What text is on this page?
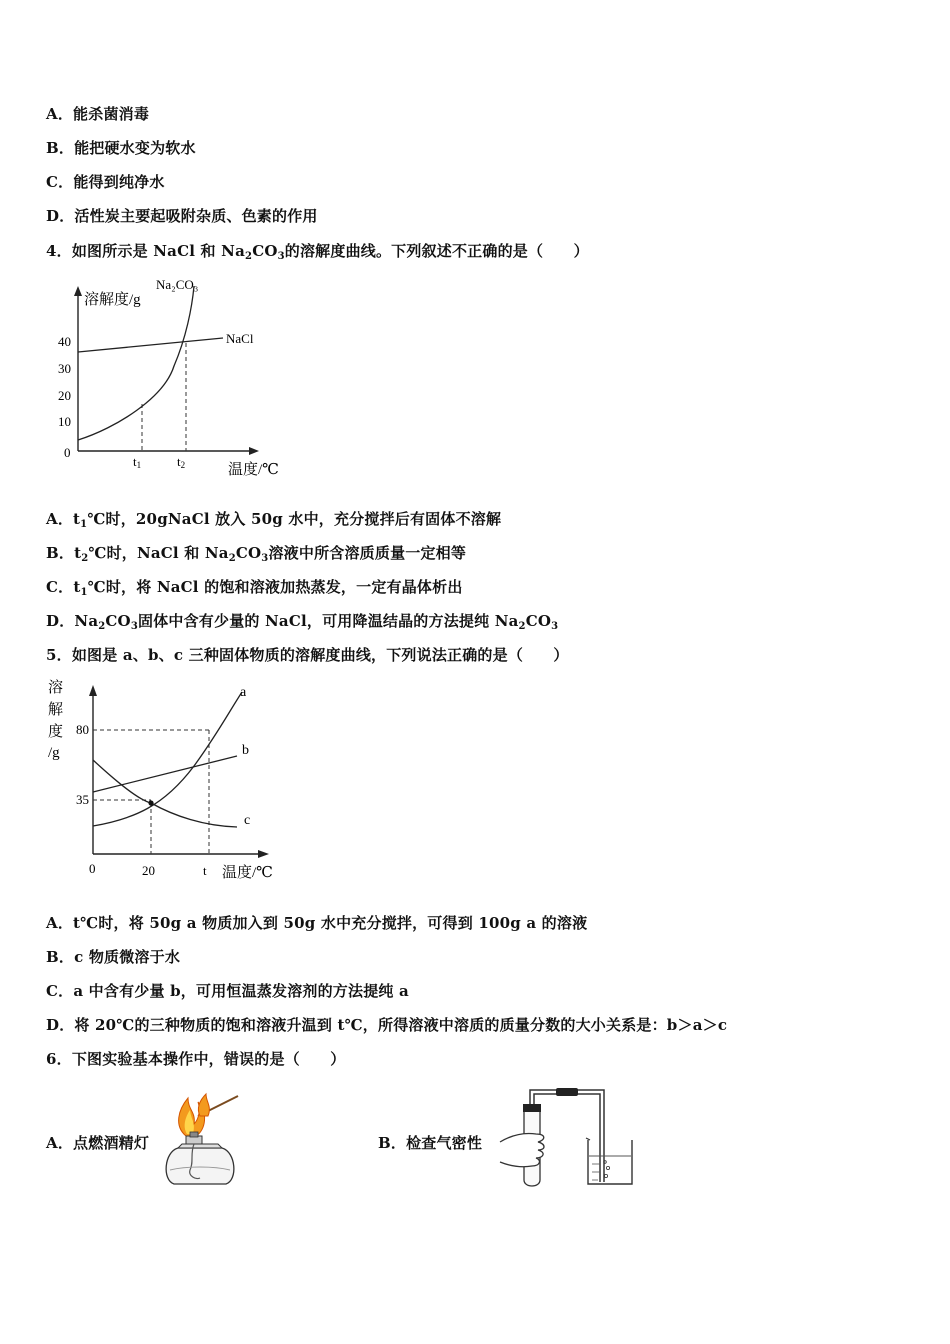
A．能杀菌消毒
B．能把硬水变为软水
C．能得到纯净水
D．活性炭主要起吸附杂质、色素的作用
4．如图所示是 NaCl 和 $Na_2CO_3$的溶解度曲线。下列叙述不正确的是（　　）
溶解度/g
温度/℃
40
30
20
10
0
t1	t2
Na₂CO₃
NaCl
A．$t_1℃$时，20gNaCl 放入 50g 水中，充分搅拌后有固体不溶解
B．$t_2℃$时，NaCl 和 $Na_2CO_3$溶液中所含溶质质量一定相等
C．$t_1℃$时，将 NaCl 的饱和溶液加热蒸发，一定有晶体析出
D．$Na_2CO_3$固体中含有少量的 NaCl，可用降温结晶的方法提纯 $Na_2CO_3$
5．如图是 a、b、c 三种固体物质的溶解度曲线，下列说法正确的是（　　）
溶
解
度
/g
80
35
0	20	t 温度/℃
a
b
c
A．t℃时，将 50g a 物质加入到 50g 水中充分搅拌，可得到 100g a 的溶液
B．c 物质微溶于水
C．a 中含有少量 b，可用恒温蒸发溶剂的方法提纯 a
D．将 20℃的三种物质的饱和溶液升温到 t℃，所得溶液中溶质的质量分数的大小关系是：b＞a＞c
6．下图实验基本操作中，错误的是（　　）
A．点燃酒精灯	B．检查气密性
